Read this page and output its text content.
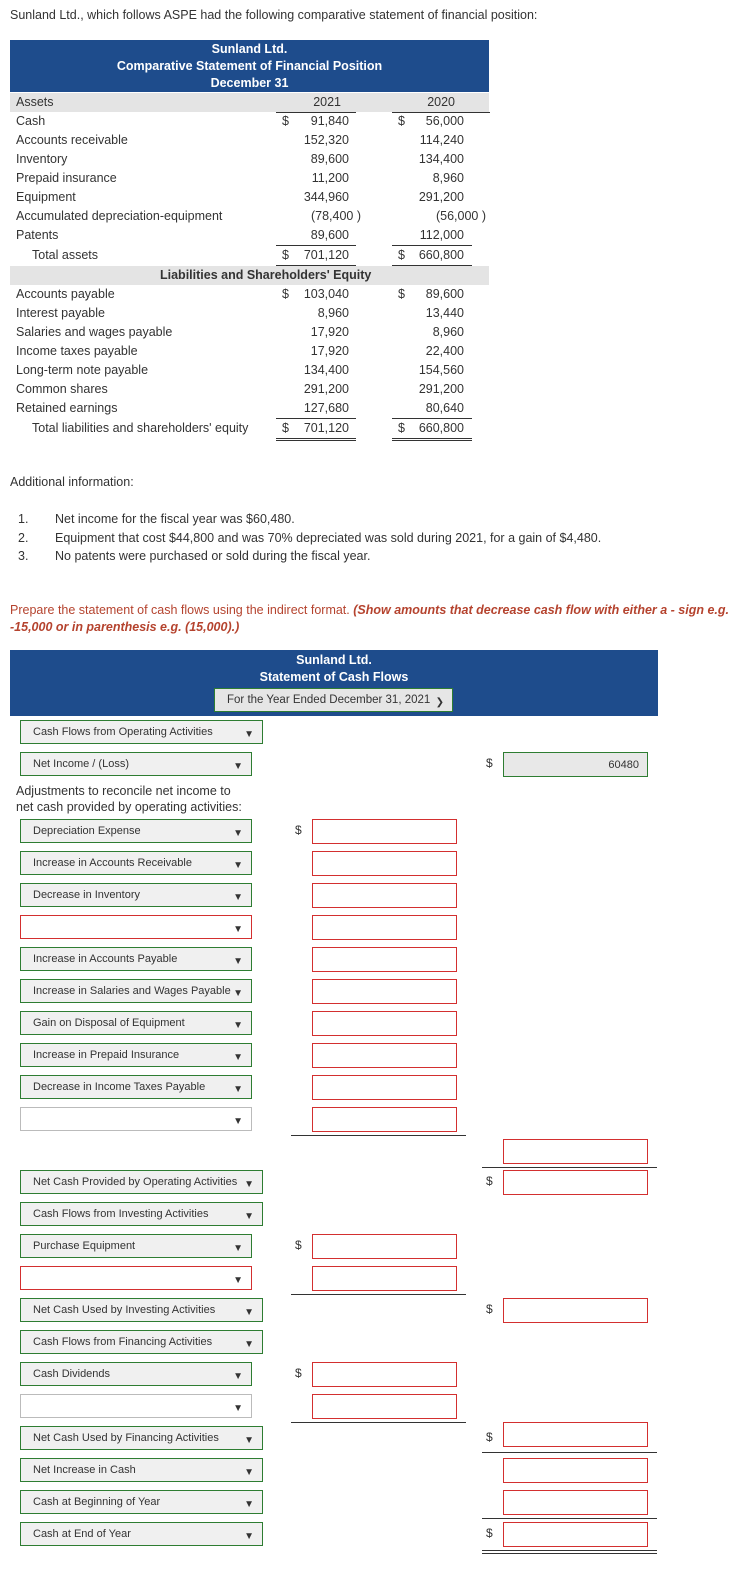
Sunland Ltd., which follows ASPE had the following comparative statement of financial position:
Sunland Ltd.
Comparative Statement of Financial Position
December 31
Assets	2021	2020
Cash	$ 91,840	$ 56,000
Accounts receivable	152,320	114,240
Inventory	89,600	134,400
Prepaid insurance	11,200	8,960
Equipment	344,960	291,200
Accumulated depreciation-equipment	(78,400 )	(56,000 )
Patents	89,600	112,000
Total assets	$ 701,120	$ 660,800
Liabilities and Shareholders' Equity
Accounts payable	$ 103,040	$ 89,600
Interest payable	8,960	13,440
Salaries and wages payable	17,920	8,960
Income taxes payable	17,920	22,400
Long-term note payable	134,400	154,560
Common shares	291,200	291,200
Retained earnings	127,680	80,640
Total liabilities and shareholders' equity	$ 701,120	$ 660,800
Additional information:
1. Net income for the fiscal year was $60,480.
2. Equipment that cost $44,800 and was 70% depreciated was sold during 2021, for a gain of $4,480.
3. No patents were purchased or sold during the fiscal year.
Prepare the statement of cash flows using the indirect format. (Show amounts that decrease cash flow with either a - sign e.g. -15,000 or in parenthesis e.g. (15,000).)
Sunland Ltd.
Statement of Cash Flows
For the Year Ended December 31, 2021 ❯
Cash Flows from Operating Activities	▼
Net Income / (Loss)	▼	$	60480
Adjustments to reconcile net income to
net cash provided by operating activities:
Depreciation Expense	▼	$
Increase in Accounts Receivable	▼
Decrease in Inventory	▼
▼
Increase in Accounts Payable	▼
Increase in Salaries and Wages Payable ▼
Gain on Disposal of Equipment	▼
Increase in Prepaid Insurance	▼
Decrease in Income Taxes Payable	▼
▼
Net Cash Provided by Operating Activities ▼	$
Cash Flows from Investing Activities	▼
Purchase Equipment	▼	$
▼
Net Cash Used by Investing Activities	▼	$
Cash Flows from Financing Activities	▼
Cash Dividends	▼	$
▼
Net Cash Used by Financing Activities	▼	$
Net Increase in Cash	▼
Cash at Beginning of Year	▼
Cash at End of Year	▼	$
